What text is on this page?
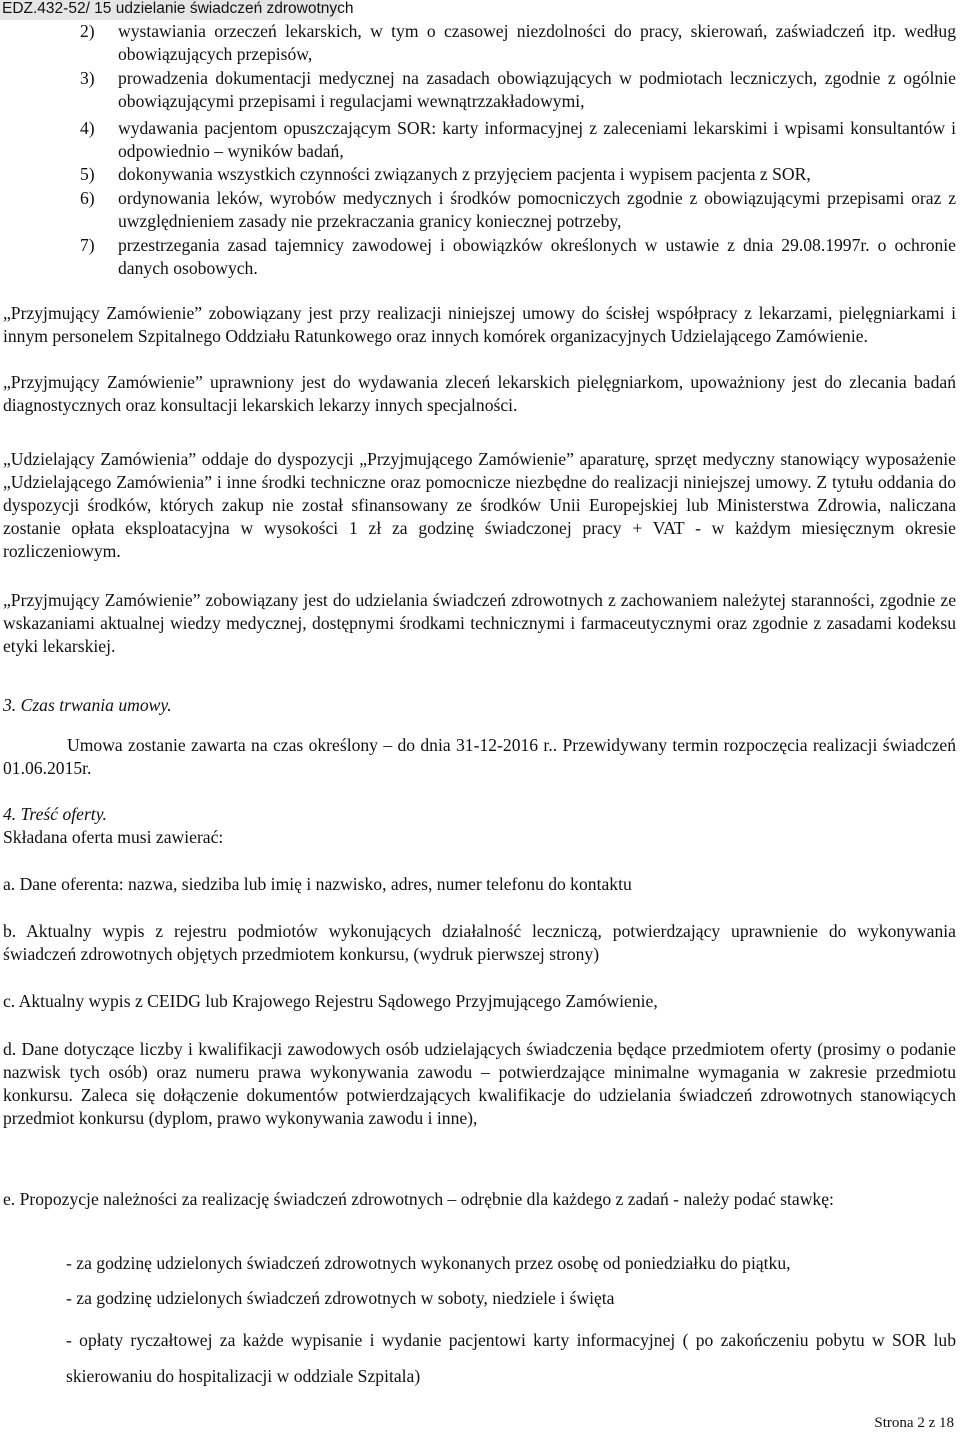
EDZ.432-52/ 15 udzielanie świadczeń zdrowotnych
2) wystawiania orzeczeń lekarskich, w tym o czasowej niezdolności do pracy, skierowań, zaświadczeń itp. według obowiązujących przepisów,
3) prowadzenia dokumentacji medycznej na zasadach obowiązujących w podmiotach leczniczych, zgodnie z ogólnie obowiązującymi przepisami i regulacjami wewnątrzzakładowymi,
4) wydawania pacjentom opuszczającym SOR: karty informacyjnej z zaleceniami lekarskimi i wpisami konsultantów i odpowiednio – wyników badań,
5) dokonywania wszystkich czynności związanych z przyjęciem pacjenta i wypisem pacjenta z SOR,
6) ordynowania leków, wyrobów medycznych i środków pomocniczych zgodnie z obowiązującymi przepisami oraz z uwzględnieniem zasady nie przekraczania granicy koniecznej potrzeby,
7) przestrzegania zasad tajemnicy zawodowej i obowiązków określonych w ustawie z dnia 29.08.1997r. o ochronie danych osobowych.

„Przyjmujący Zamówienie” zobowiązany jest przy realizacji niniejszej umowy do ścisłej współpracy z lekarzami, pielęgniarkami i innym personelem Szpitalnego Oddziału Ratunkowego oraz innych komórek organizacyjnych Udzielającego Zamówienie.

„Przyjmujący Zamówienie” uprawniony jest do wydawania zleceń lekarskich pielęgniarkom, upoważniony jest do zlecania badań diagnostycznych oraz konsultacji lekarskich lekarzy innych specjalności.

„Udzielający Zamówienia” oddaje do dyspozycji „Przyjmującego Zamówienie” aparaturę, sprzęt medyczny stanowiący wyposażenie „Udzielającego Zamówienia” i inne środki techniczne oraz pomocnicze niezbędne do realizacji niniejszej umowy. Z tytułu oddania do dyspozycji środków, których zakup nie został sfinansowany ze środków Unii Europejskiej lub Ministerstwa Zdrowia, naliczana zostanie opłata eksploatacyjna w wysokości 1 zł za godzinę świadczonej pracy + VAT - w każdym miesięcznym okresie rozliczeniowym.

„Przyjmujący Zamówienie” zobowiązany jest do udzielania świadczeń zdrowotnych z zachowaniem należytej staranności, zgodnie ze wskazaniami aktualnej wiedzy medycznej, dostępnymi środkami technicznymi i farmaceutycznymi oraz zgodnie z zasadami kodeksu etyki lekarskiej.

3. Czas trwania umowy.

Umowa zostanie zawarta na czas określony – do dnia 31-12-2016 r.. Przewidywany termin rozpoczęcia realizacji świadczeń 01.06.2015r.

4. Treść oferty.

Składana oferta musi zawierać:

a. Dane oferenta: nazwa, siedziba lub imię i nazwisko, adres, numer telefonu do kontaktu

b. Aktualny wypis z rejestru podmiotów wykonujących działalność leczniczą, potwierdzający uprawnienie do wykonywania świadczeń zdrowotnych objętych przedmiotem konkursu, (wydruk pierwszej strony)

c. Aktualny wypis z CEIDG lub Krajowego Rejestru Sądowego Przyjmującego Zamówienie,

d. Dane dotyczące liczby i kwalifikacji zawodowych osób udzielających świadczenia będące przedmiotem oferty (prosimy o podanie nazwisk tych osób) oraz numeru prawa wykonywania zawodu – potwierdzające minimalne wymagania w zakresie przedmiotu konkursu. Zaleca się dołączenie dokumentów potwierdzających kwalifikacje do udzielania świadczeń zdrowotnych stanowiących przedmiot konkursu (dyplom, prawo wykonywania zawodu i inne),

e. Propozycje należności za realizację świadczeń zdrowotnych – odrębnie dla każdego z zadań - należy podać stawkę:

- za godzinę udzielonych świadczeń zdrowotnych wykonanych przez osobę od poniedziałku do piątku,

- za godzinę udzielonych świadczeń zdrowotnych w soboty, niedziele i święta

- opłaty ryczałtowej za każde wypisanie i wydanie pacjentowi karty informacyjnej ( po zakończeniu pobytu w SOR lub skierowaniu do hospitalizacji w oddziale Szpitala)

Strona 2 z 18
